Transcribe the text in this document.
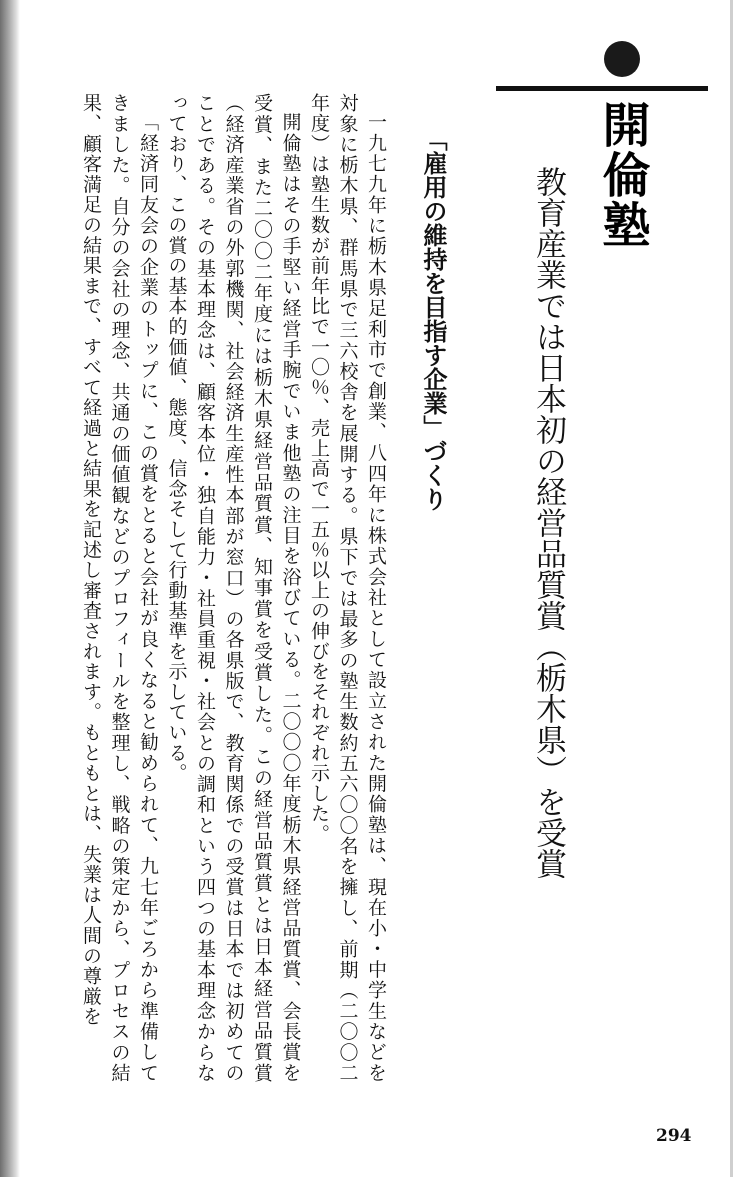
開倫塾
教育産業では日本初の経営品質賞（栃木県）を受賞
「雇用の維持を目指す企業」づくり

一九七九年に栃木県足利市で創業、八四年に株式会社として設立された開倫塾は、現在小・中学生などを対象に栃木県、群馬県で三六校舎を展開する。県下では最多の塾生数約五六〇〇名を擁し、前期（二〇〇二年度）は塾生数が前年比で一〇％、売上高で一五％以上の伸びをそれぞれ示した。

開倫塾はその手堅い経営手腕でいま他塾の注目を浴びている。二〇〇〇年度栃木県経営品質賞、会長賞を受賞、また二〇〇二年度には栃木県経営品質賞、知事賞を受賞した。この経営品質賞とは日本経営品質賞（経済産業省の外郭機関、社会経済生産性本部が窓口）の各県版で、教育関係での受賞は日本では初めてのことである。その基本理念は、顧客本位・独自能力・社員重視・社会との調和という四つの基本理念からなっており、この賞の基本的価値、態度、信念そして行動基準を示している。

「経済同友会の企業のトップに、この賞をとると会社が良くなると勧められて、九七年ごろから準備してきました。自分の会社の理念、共通の価値観などのプロフィールを整理し、戦略の策定から、プロセスの結果、顧客満足の結果まで、すべて経過と結果を記述し審査されます。もともとは、失業は人間の尊厳を

294
